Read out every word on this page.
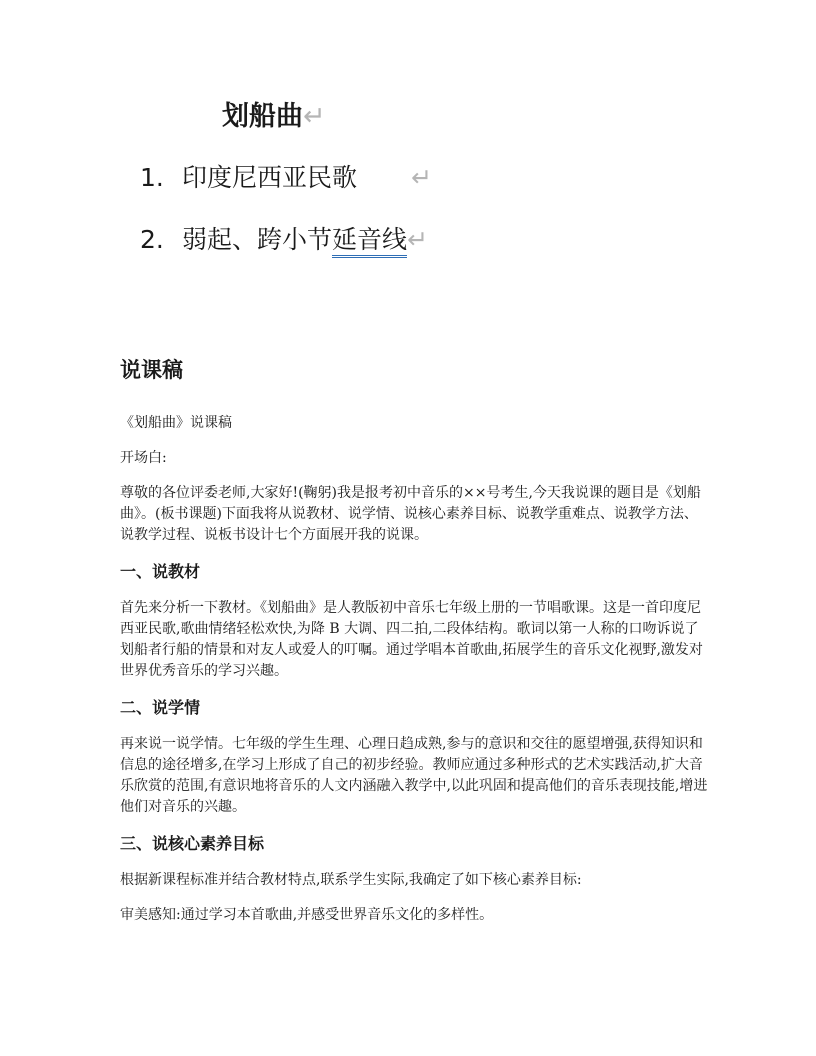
划船曲↵
1. 印度尼西亚民歌 ↵
2. 弱起、跨小节延音线↵
说课稿

《划船曲》说课稿

开场白:

尊敬的各位评委老师,大家好!(鞠躬)我是报考初中音乐的××号考生,今天我说课的题目是《划船曲》。(板书课题)下面我将从说教材、说学情、说核心素养目标、说教学重难点、说教学方法、说教学过程、说板书设计七个方面展开我的说课。

一、说教材

首先来分析一下教材。《划船曲》是人教版初中音乐七年级上册的一节唱歌课。这是一首印度尼西亚民歌,歌曲情绪轻松欢快,为降 B 大调、四二拍,二段体结构。歌词以第一人称的口吻诉说了划船者行船的情景和对友人或爱人的叮嘱。通过学唱本首歌曲,拓展学生的音乐文化视野,激发对世界优秀音乐的学习兴趣。

二、说学情

再来说一说学情。七年级的学生生理、心理日趋成熟,参与的意识和交往的愿望增强,获得知识和信息的途径增多,在学习上形成了自己的初步经验。教师应通过多种形式的艺术实践活动,扩大音乐欣赏的范围,有意识地将音乐的人文内涵融入教学中,以此巩固和提高他们的音乐表现技能,增进他们对音乐的兴趣。

三、说核心素养目标

根据新课程标准并结合教材特点,联系学生实际,我确定了如下核心素养目标:

审美感知:通过学习本首歌曲,并感受世界音乐文化的多样性。
